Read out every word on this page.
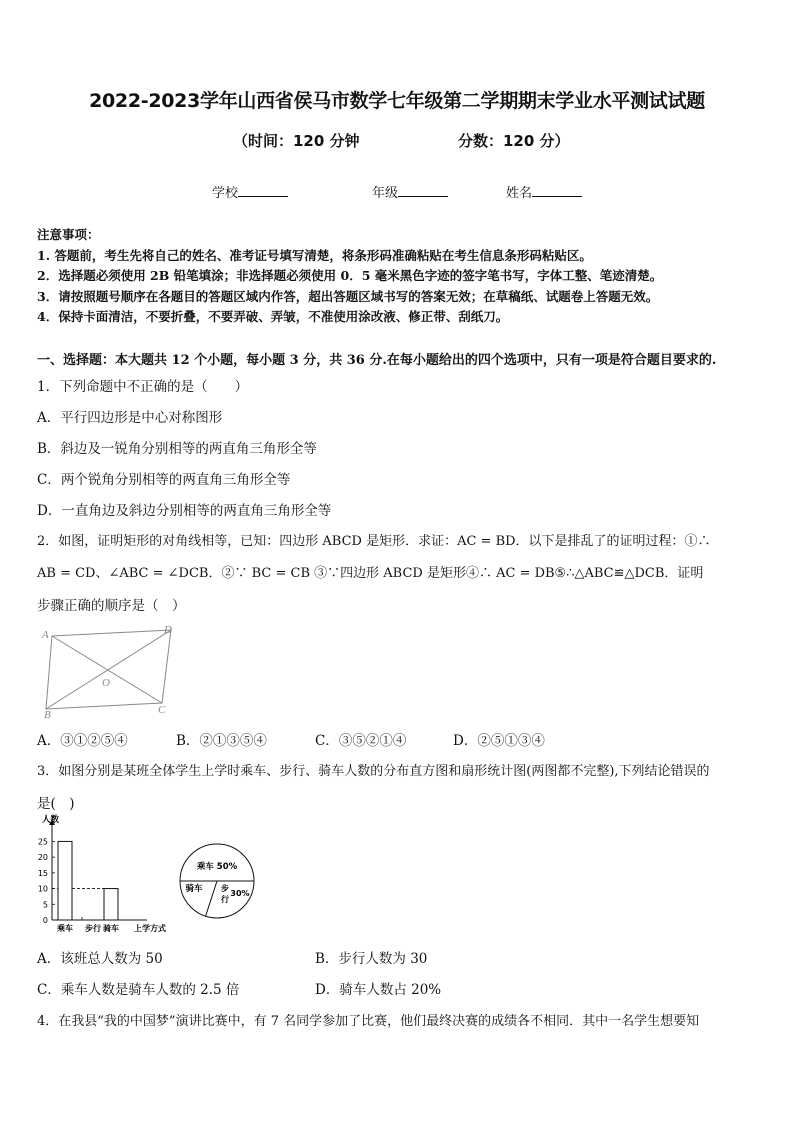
2022-2023学年山西省侯马市数学七年级第二学期期末学业水平测试试题
（时间：120 分钟	分数：120 分）
学校	年级	姓名
注意事项：
1. 答题前，考生先将自己的姓名、准考证号填写清楚，将条形码准确粘贴在考生信息条形码粘贴区。
2．选择题必须使用 2B 铅笔填涂；非选择题必须使用 0．5 毫米黑色字迹的签字笔书写，字体工整、笔迹清楚。
3．请按照题号顺序在各题目的答题区域内作答，超出答题区域书写的答案无效；在草稿纸、试题卷上答题无效。
4．保持卡面清洁，不要折叠，不要弄破、弄皱，不准使用涂改液、修正带、刮纸刀。
一、选择题：本大题共 12 个小题，每小题 3 分，共 36 分.在每小题给出的四个选项中，只有一项是符合题目要求的.
1．下列命题中不正确的是（　　）
A．平行四边形是中心对称图形
B．斜边及一锐角分别相等的两直角三角形全等
C．两个锐角分别相等的两直角三角形全等
D．一直角边及斜边分别相等的两直角三角形全等
2．如图，证明矩形的对角线相等，已知：四边形 ABCD 是矩形．求证：AC = BD．以下是排乱了的证明过程：①∴
AB = CD、∠ABC = ∠DCB．②∵ BC = CB ③∵四边形 ABCD 是矩形④∴ AC = DB⑤∴△ABC≌△DCB．证明
步骤正确的顺序是（　）
A	D
O
B	C
A．③①②⑤④	B．②①③⑤④	C．③⑤②①④	D．②⑤①③④
3．如图分别是某班全体学生上学时乘车、步行、骑车人数的分布直方图和扇形统计图(两图都不完整),下列结论错误的
是(　)
人数
0
5
10
15
20
25
乘车 步行 骑车 上学方式
乘车 50%
步
行
30%
骑车
A．该班总人数为 50	B．步行人数为 30
C．乘车人数是骑车人数的 2.5 倍	D．骑车人数占 20%
4．在我县“我的中国梦”演讲比赛中，有 7 名同学参加了比赛，他们最终决赛的成绩各不相同．其中一名学生想要知
